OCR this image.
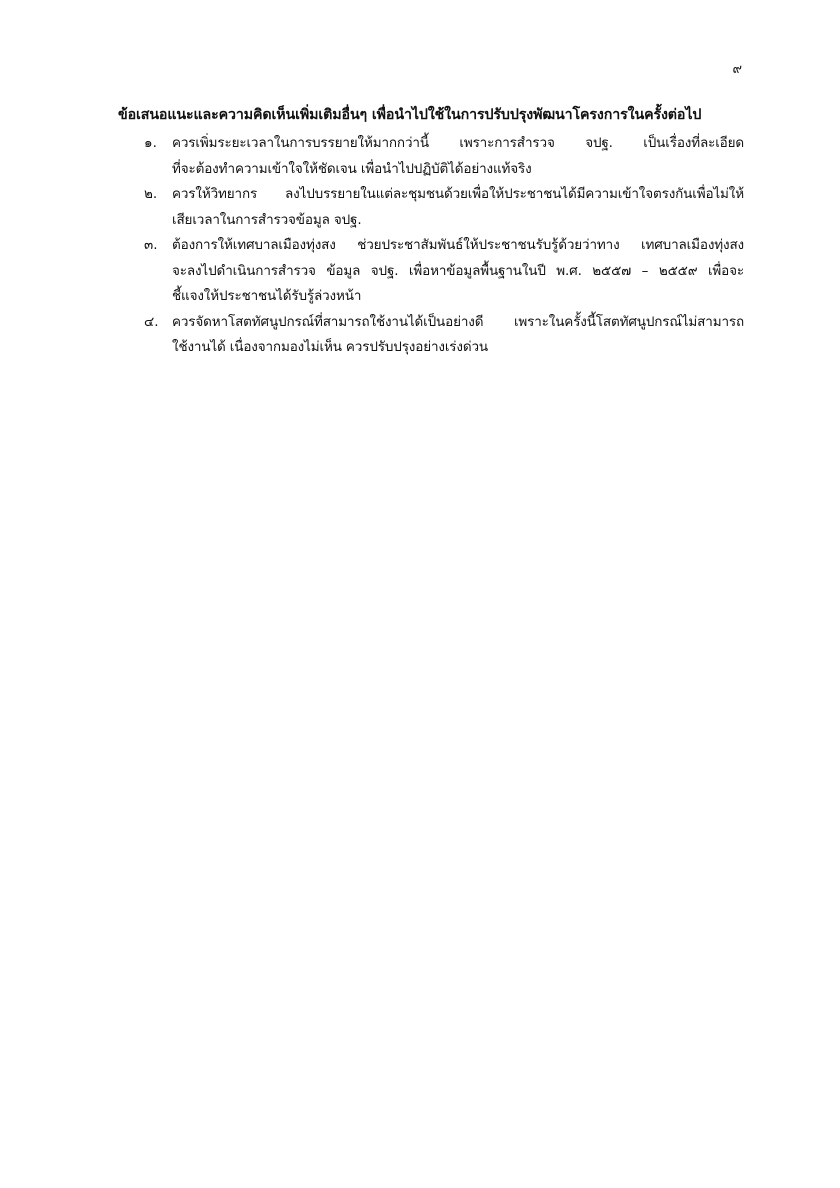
๙
ข้อเสนอแนะและความคิดเห็นเพิ่มเติมอื่นๆ เพื่อนำไปใช้ในการปรับปรุงพัฒนาโครงการในครั้งต่อไป
๑.	ควรเพิ่มระยะเวลาในการบรรยายให้มากกว่านี้ เพราะการสำรวจ จปฐ. เป็นเรื่องที่ละเอียด
ที่จะต้องทำความเข้าใจให้ชัดเจน เพื่อนำไปปฏิบัติได้อย่างแท้จริง
๒.	ควรให้วิทยากร ลงไปบรรยายในแต่ละชุมชนด้วยเพื่อให้ประชาชนได้มีความเข้าใจตรงกันเพื่อไม่ให้
เสียเวลาในการสำรวจข้อมูล จปฐ.
๓.	ต้องการให้เทศบาลเมืองทุ่งสง ช่วยประชาสัมพันธ์ให้ประชาชนรับรู้ด้วยว่าทาง เทศบาลเมืองทุ่งสง
จะลงไปดำเนินการสำรวจ ข้อมูล จปฐ. เพื่อหาข้อมูลพื้นฐานในปี พ.ศ. ๒๕๕๗ – ๒๕๕๙ เพื่อจะ
ชี้แจงให้ประชาชนได้รับรู้ล่วงหน้า
๔. ควรจัดหาโสตทัศนูปกรณ์ที่สามารถใช้งานได้เป็นอย่างดี เพราะในครั้งนี้โสตทัศนูปกรณ์ไม่สามารถ
ใช้งานได้ เนื่องจากมองไม่เห็น ควรปรับปรุงอย่างเร่งด่วน
